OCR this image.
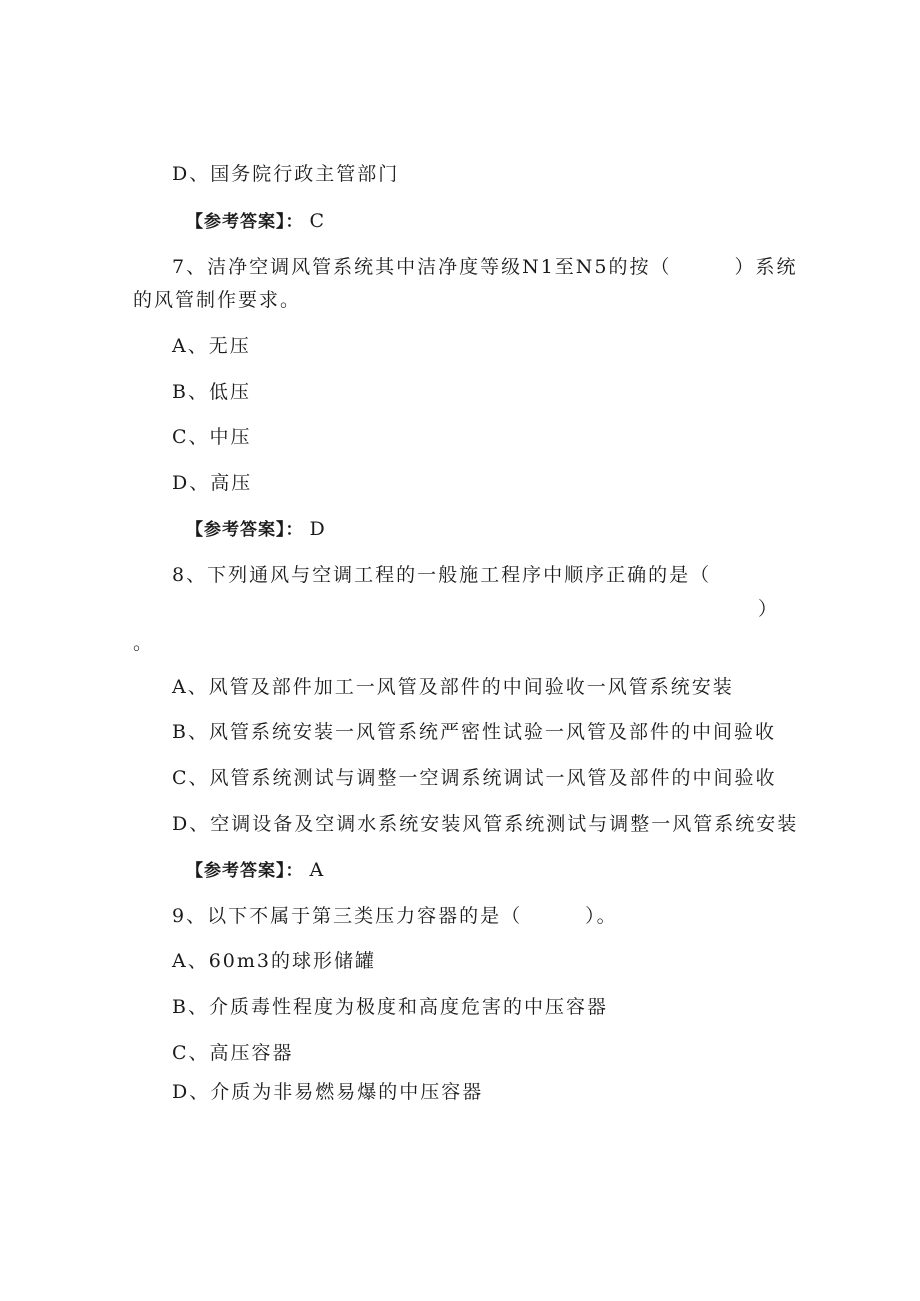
D、国务院行政主管部门
【参考答案】： C
7、洁净空调风管系统其中洁净度等级N1至N5的按（　　　）系统
的风管制作要求。
A、无压
B、低压
C、中压
D、高压
【参考答案】： D
8、下列通风与空调工程的一般施工程序中顺序正确的是（
）
。
A、风管及部件加工一风管及部件的中间验收一风管系统安装
B、风管系统安装一风管系统严密性试验一风管及部件的中间验收
C、风管系统测试与调整一空调系统调试一风管及部件的中间验收
D、空调设备及空调水系统安装风管系统测试与调整一风管系统安装
【参考答案】： A
9、以下不属于第三类压力容器的是（　　　）。
A、60m3的球形储罐
B、介质毒性程度为极度和高度危害的中压容器
C、高压容器
D、介质为非易燃易爆的中压容器
